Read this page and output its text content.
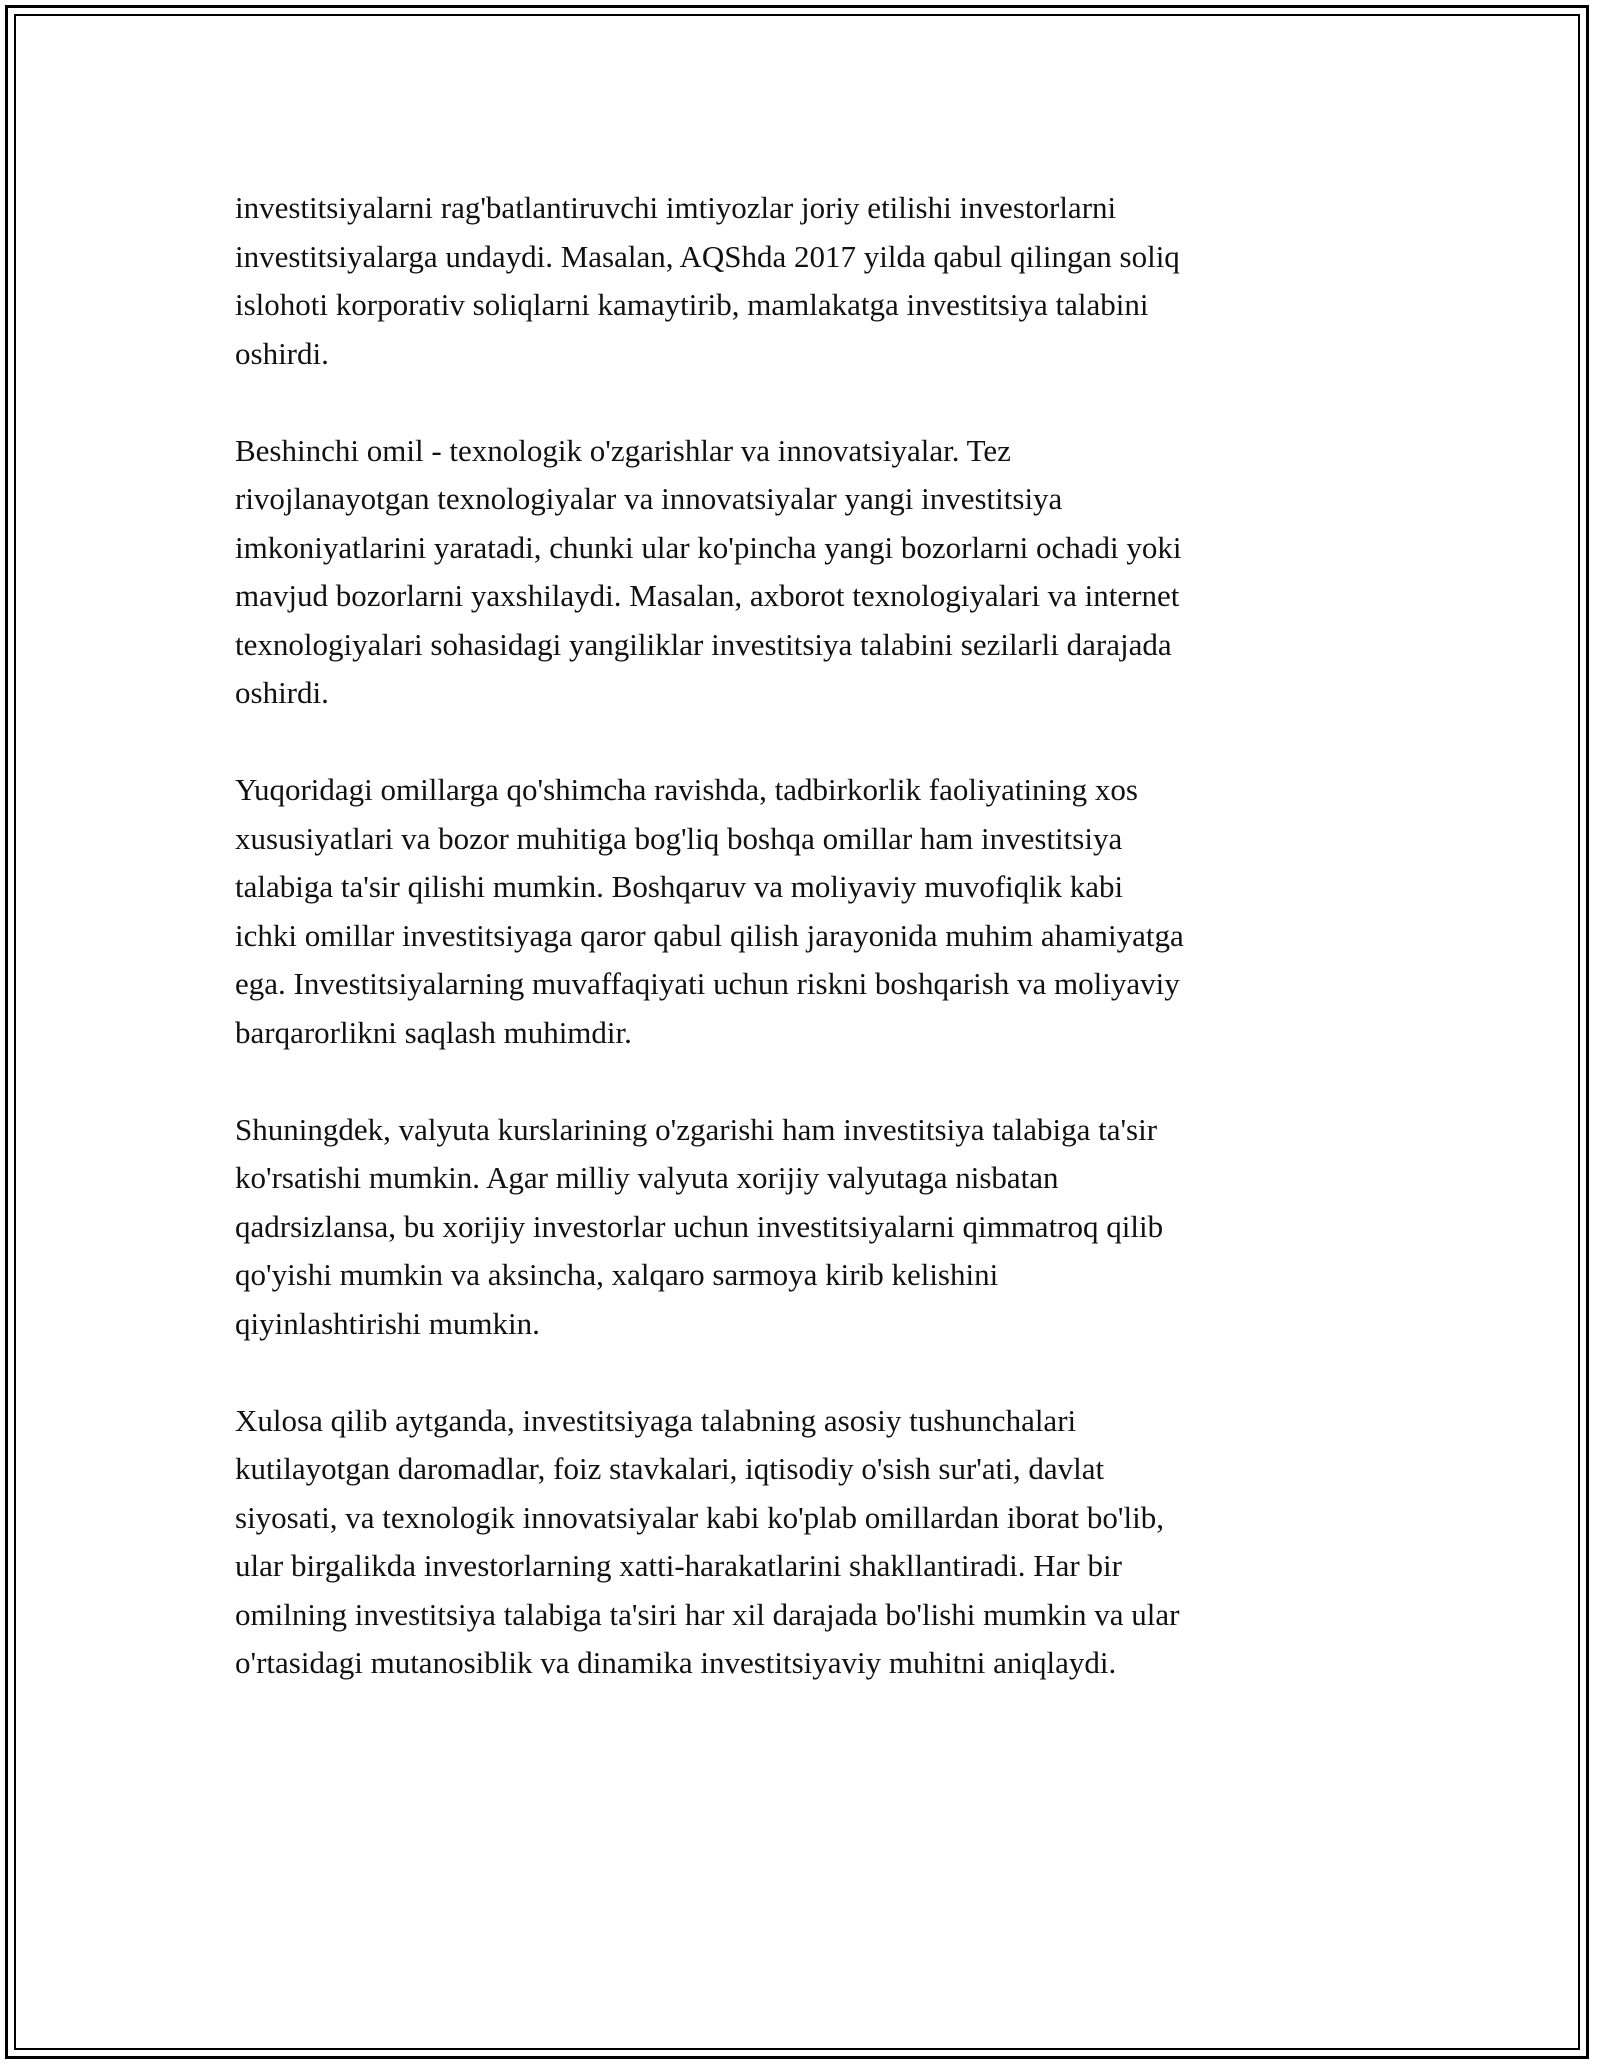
investitsiyalarni rag'batlantiruvchi imtiyozlar joriy etilishi investorlarni
investitsiyalarga undaydi. Masalan, AQShda 2017 yilda qabul qilingan soliq
islohoti korporativ soliqlarni kamaytirib, mamlakatga investitsiya talabini
oshirdi.

Beshinchi omil - texnologik o'zgarishlar va innovatsiyalar. Tez
rivojlanayotgan texnologiyalar va innovatsiyalar yangi investitsiya
imkoniyatlarini yaratadi, chunki ular ko'pincha yangi bozorlarni ochadi yoki
mavjud bozorlarni yaxshilaydi. Masalan, axborot texnologiyalari va internet
texnologiyalari sohasidagi yangiliklar investitsiya talabini sezilarli darajada
oshirdi.

Yuqoridagi omillarga qo'shimcha ravishda, tadbirkorlik faoliyatining xos
xususiyatlari va bozor muhitiga bog'liq boshqa omillar ham investitsiya
talabiga ta'sir qilishi mumkin. Boshqaruv va moliyaviy muvofiqlik kabi
ichki omillar investitsiyaga qaror qabul qilish jarayonida muhim ahamiyatga
ega. Investitsiyalarning muvaffaqiyati uchun riskni boshqarish va moliyaviy
barqarorlikni saqlash muhimdir.

Shuningdek, valyuta kurslarining o'zgarishi ham investitsiya talabiga ta'sir
ko'rsatishi mumkin. Agar milliy valyuta xorijiy valyutaga nisbatan
qadrsizlansa, bu xorijiy investorlar uchun investitsiyalarni qimmatroq qilib
qo'yishi mumkin va aksincha, xalqaro sarmoya kirib kelishini
qiyinlashtirishi mumkin.

Xulosa qilib aytganda, investitsiyaga talabning asosiy tushunchalari
kutilayotgan daromadlar, foiz stavkalari, iqtisodiy o'sish sur'ati, davlat
siyosati, va texnologik innovatsiyalar kabi ko'plab omillardan iborat bo'lib,
ular birgalikda investorlarning xatti-harakatlarini shakllantiradi. Har bir
omilning investitsiya talabiga ta'siri har xil darajada bo'lishi mumkin va ular
o'rtasidagi mutanosiblik va dinamika investitsiyaviy muhitni aniqlaydi.
